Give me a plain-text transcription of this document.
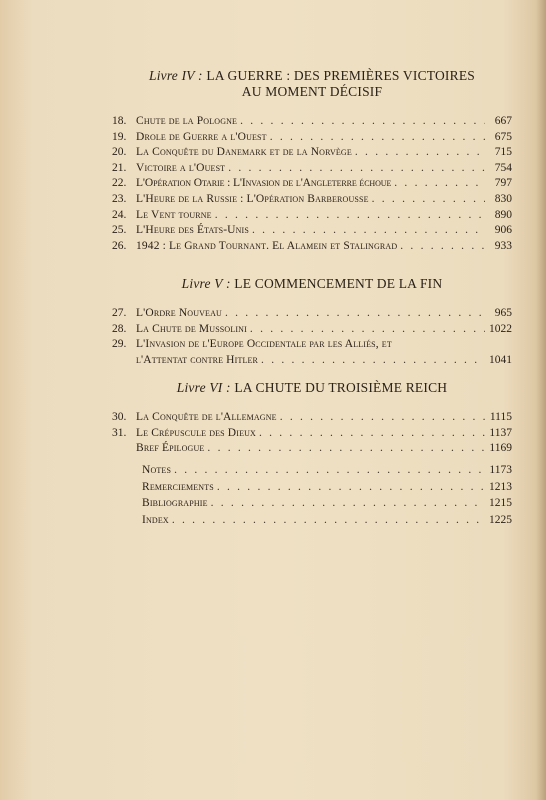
Livre IV : LA GUERRE : DES PREMIÈRES VICTOIRES
AU MOMENT DÉCISIF
18. Chute de la Pologne . . .	667
19. Drole de Guerre a l'Ouest . . .	675
20. La Conquête du Danemark et de la Norvège . . .	715
21. Victoire a l'Ouest . . .	754
22. L'Opération Otarie : L'Invasion de l'Angleterre échoue . . .	797
23. L'Heure de la Russie : L'Opération Barberousse . . .	830
24. Le Vent tourne . . .	890
25. L'Heure des États-Unis . . .	906
26. 1942 : Le Grand Tournant. El Alamein et Stalingrad . . .	933
Livre V : LE COMMENCEMENT DE LA FIN
27. L'Ordre Nouveau . . .	965
28. La Chute de Mussolini . . .	1022
29. L'Invasion de l'Europe Occidentale par les Alliés, et
l'Attentat contre Hitler . . .	1041
Livre VI : LA CHUTE DU TROISIÈME REICH
30. La Conquête de l'Allemagne . . .	1115
31. Le Crépuscule des Dieux . . .	1137
Bref Épilogue . . .	1169
Notes . . .	1173
Remerciements . . .	1213
Bibliographie . . .	1215
Index . . .	1225
